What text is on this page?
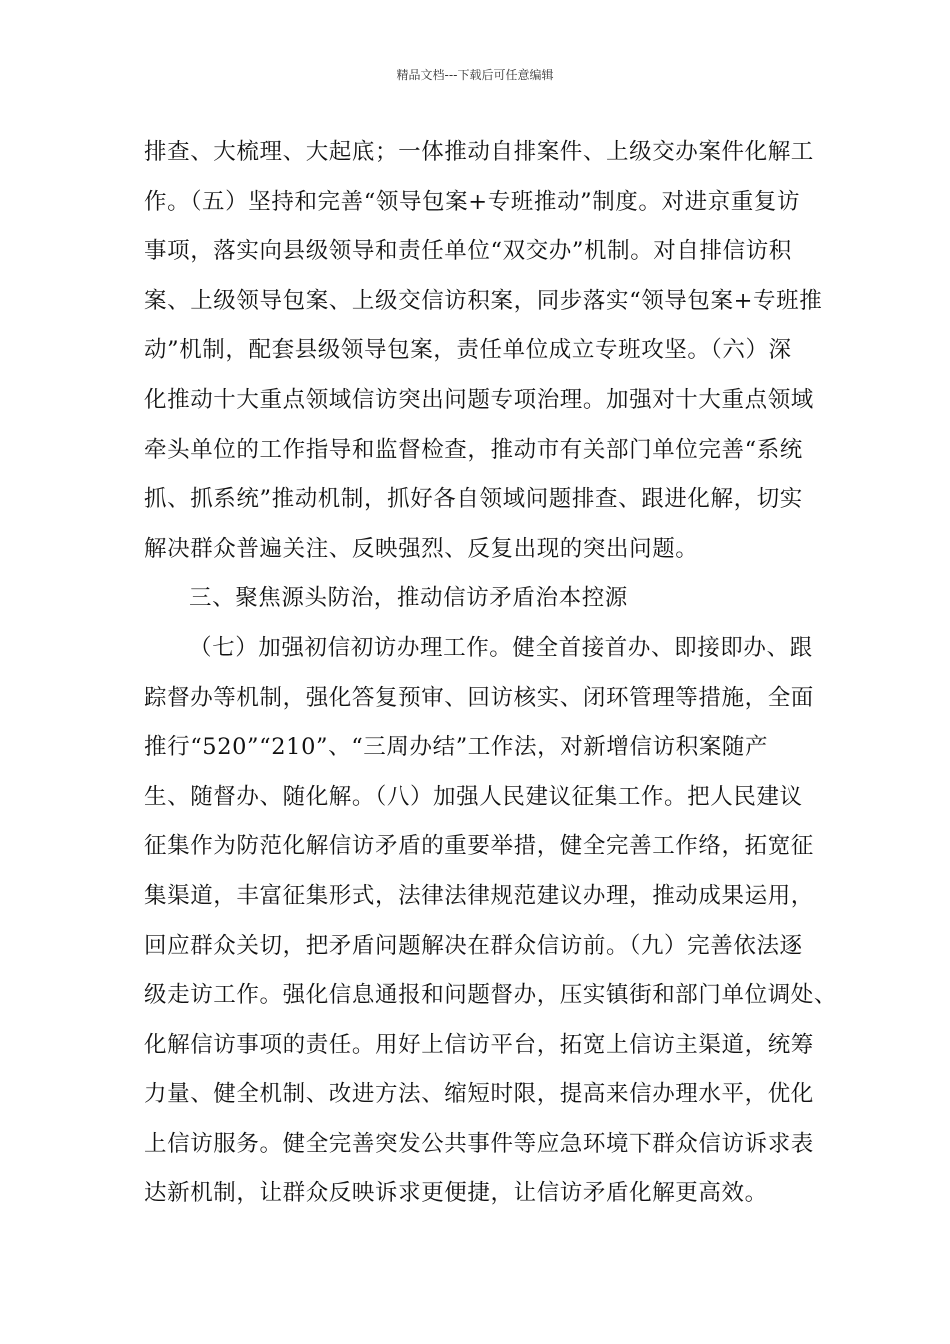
精品文档---下载后可任意编辑
排查、大梳理、大起底；一体推动自排案件、上级交办案件化解工
作。（五）坚持和完善“领导包案+专班推动”制度。对进京重复访
事项，落实向县级领导和责任单位“双交办”机制。对自排信访积
案、上级领导包案、上级交信访积案，同步落实“领导包案+专班推
动”机制，配套县级领导包案，责任单位成立专班攻坚。（六）深
化推动十大重点领域信访突出问题专项治理。加强对十大重点领域
牵头单位的工作指导和监督检查，推动市有关部门单位完善“系统
抓、抓系统”推动机制，抓好各自领域问题排查、跟进化解，切实
解决群众普遍关注、反映强烈、反复出现的突出问题。
三、聚焦源头防治，推动信访矛盾治本控源
（七）加强初信初访办理工作。健全首接首办、即接即办、跟
踪督办等机制，强化答复预审、回访核实、闭环管理等措施，全面
推行“520”“210”、“三周办结”工作法，对新增信访积案随产
生、随督办、随化解。（八）加强人民建议征集工作。把人民建议
征集作为防范化解信访矛盾的重要举措，健全完善工作络，拓宽征
集渠道，丰富征集形式，法律法律规范建议办理，推动成果运用，
回应群众关切，把矛盾问题解决在群众信访前。（九）完善依法逐
级走访工作。强化信息通报和问题督办，压实镇街和部门单位调处、
化解信访事项的责任。用好上信访平台，拓宽上信访主渠道，统筹
力量、健全机制、改进方法、缩短时限，提高来信办理水平，优化
上信访服务。健全完善突发公共事件等应急环境下群众信访诉求表
达新机制，让群众反映诉求更便捷，让信访矛盾化解更高效。
